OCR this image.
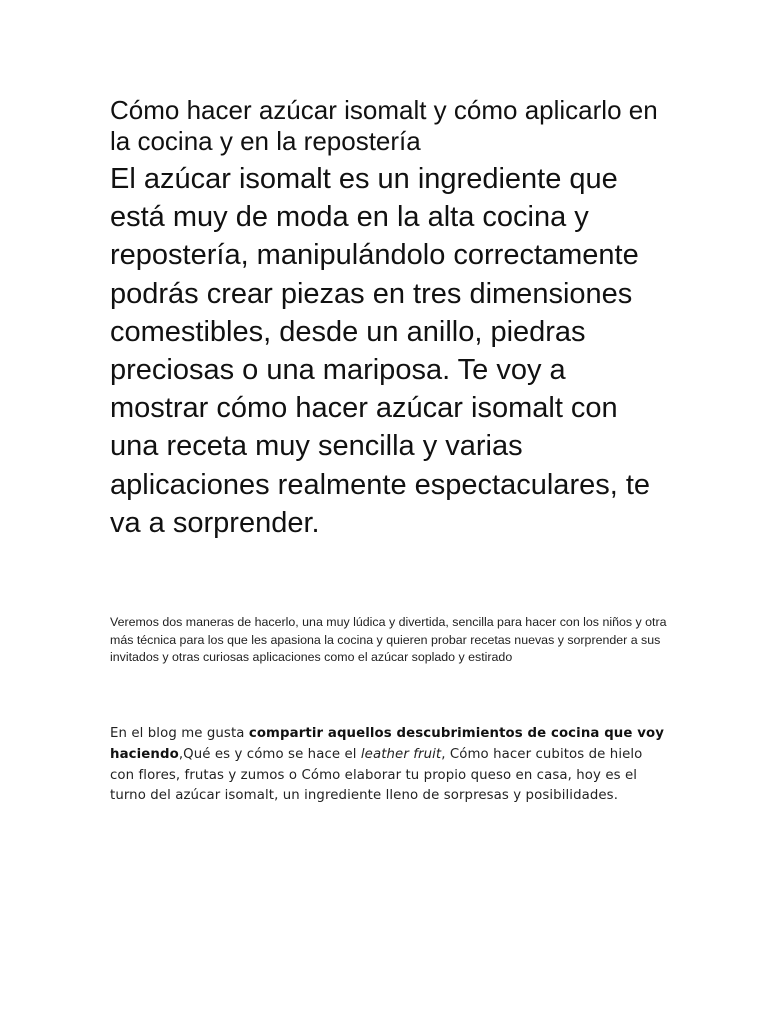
Cómo hacer azúcar isomalt y cómo aplicarlo en la cocina y en la repostería

El azúcar isomalt es un ingrediente que está muy de moda en la alta cocina y repostería, manipulándolo correctamente podrás crear piezas en tres dimensiones comestibles, desde un anillo, piedras preciosas o una mariposa. Te voy a mostrar cómo hacer azúcar isomalt con una receta muy sencilla y varias aplicaciones realmente espectaculares, te va a sorprender.

Veremos dos maneras de hacerlo, una muy lúdica y divertida, sencilla para hacer con los niños y otra más técnica para los que les apasiona la cocina y quieren probar recetas nuevas y sorprender a sus invitados y otras curiosas aplicaciones como el azúcar soplado y estirado

En el blog me gusta compartir aquellos descubrimientos de cocina que voy haciendo,Qué es y cómo se hace el leather fruit, Cómo hacer cubitos de hielo con flores, frutas y zumos o Cómo elaborar tu propio queso en casa, hoy es el turno del azúcar isomalt, un ingrediente lleno de sorpresas y posibilidades.
